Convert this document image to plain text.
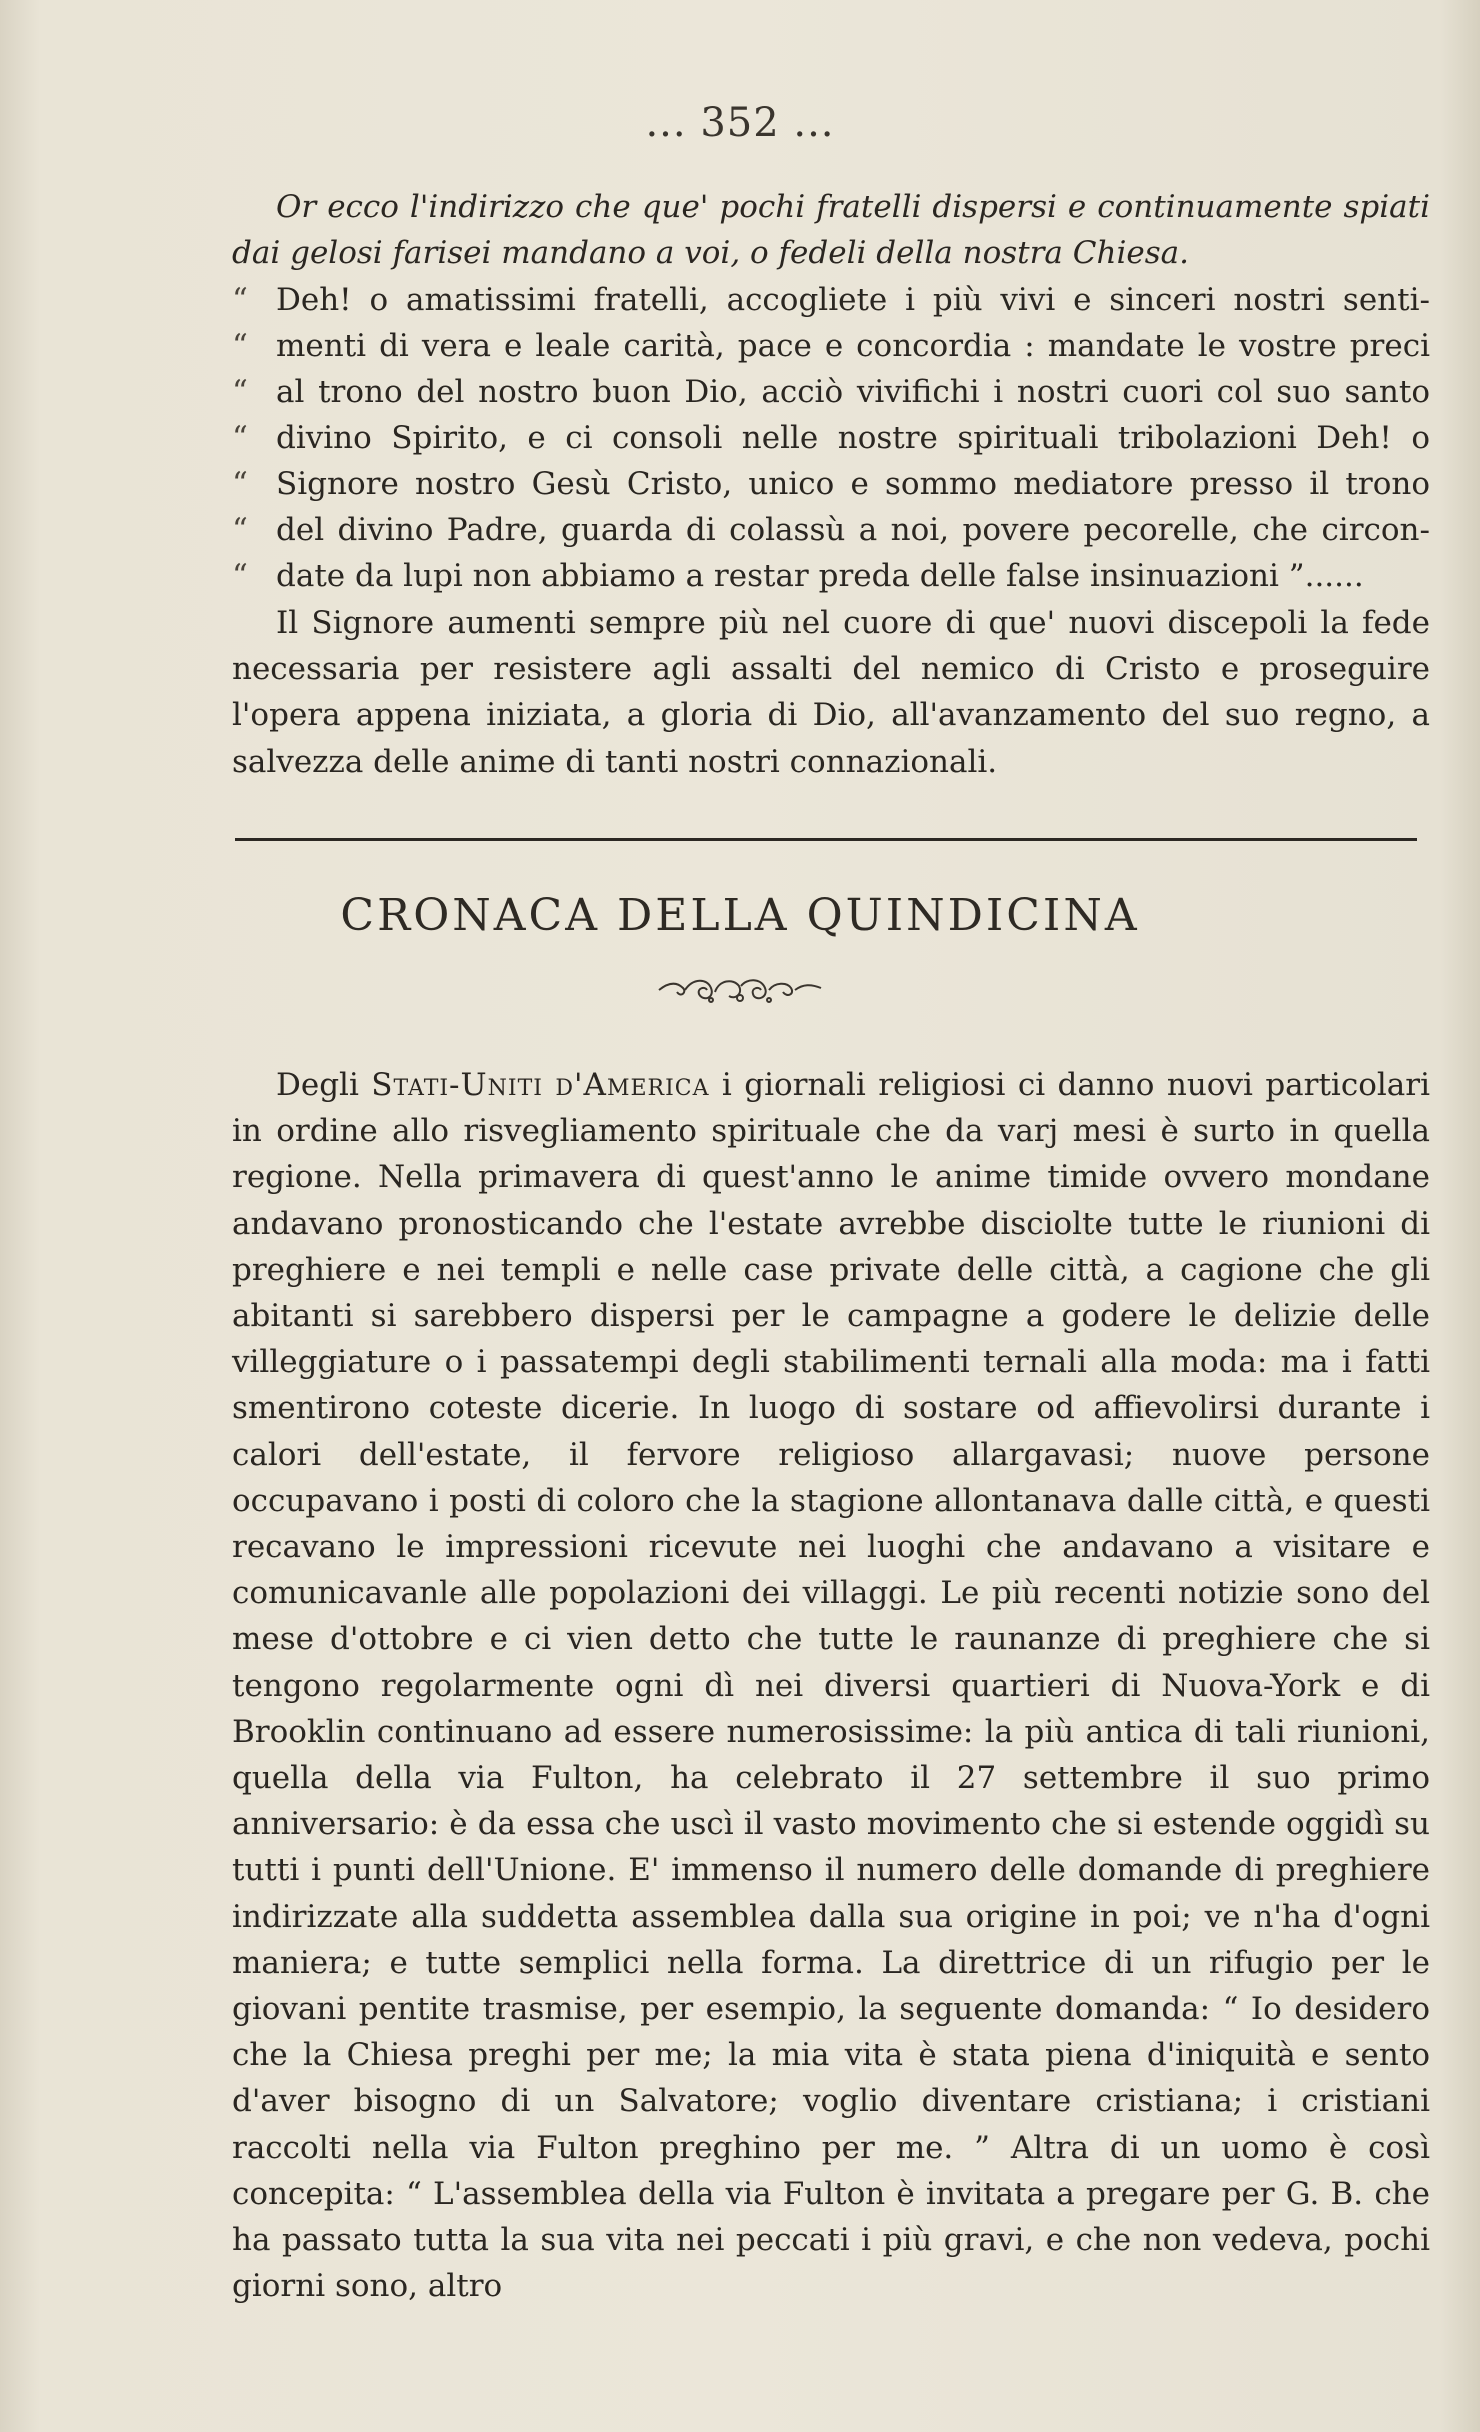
... 352 ...

Or ecco l'indirizzo che que' pochi fratelli dispersi e continuamente spiati dai gelosi farisei mandano a voi, o fedeli della nostra Chiesa.

“ Deh! o amatissimi fratelli, accogliete i più vivi e sinceri nostri senti-
“ menti di vera e leale carità, pace e concordia : mandate le vostre preci
“ al trono del nostro buon Dio, acciò vivifichi i nostri cuori col suo santo
“ divino Spirito, e ci consoli nelle nostre spirituali tribolazioni Deh! o
“ Signore nostro Gesù Cristo, unico e sommo mediatore presso il trono
“ del divino Padre, guarda di colassù a noi, povere pecorelle, che circon-
“ date da lupi non abbiamo a restar preda delle false insinuazioni ”......

Il Signore aumenti sempre più nel cuore di que' nuovi discepoli la fede necessaria per resistere agli assalti del nemico di Cristo e proseguire l'opera appena iniziata, a gloria di Dio, all'avanzamento del suo regno, a salvezza delle anime di tanti nostri connazionali.

CRONACA DELLA QUINDICINA

Degli Stati-Uniti d'America i giornali religiosi ci danno nuovi particolari in ordine allo risvegliamento spirituale che da varj mesi è surto in quella regione. Nella primavera di quest'anno le anime timide ovvero mondane andavano pronosticando che l'estate avrebbe disciolte tutte le riunioni di preghiere e nei templi e nelle case private delle città, a cagione che gli abitanti si sarebbero dispersi per le campagne a godere le delizie delle villeggiature o i passatempi degli stabilimenti ternali alla moda: ma i fatti smentirono coteste dicerie. In luogo di sostare od affievolirsi durante i calori dell'estate, il fervore religioso allargavasi; nuove persone occupavano i posti di coloro che la stagione allontanava dalle città, e questi recavano le impressioni ricevute nei luoghi che andavano a visitare e comunicavanle alle popolazioni dei villaggi. Le più recenti notizie sono del mese d'ottobre e ci vien detto che tutte le raunanze di preghiere che si tengono regolarmente ogni dì nei diversi quartieri di Nuova-York e di Brooklin continuano ad essere numerosissime: la più antica di tali riunioni, quella della via Fulton, ha celebrato il 27 settembre il suo primo anniversario: è da essa che uscì il vasto movimento che si estende oggidì su tutti i punti dell'Unione. E' immenso il numero delle domande di preghiere indirizzate alla suddetta assemblea dalla sua origine in poi; ve n'ha d'ogni maniera; e tutte semplici nella forma. La direttrice di un rifugio per le giovani pentite trasmise, per esempio, la seguente domanda: “ Io desidero che la Chiesa preghi per me; la mia vita è stata piena d'iniquità e sento d'aver bisogno di un Salvatore; voglio diventare cristiana; i cristiani raccolti nella via Fulton preghino per me. ” Altra di un uomo è così concepita: “ L'assemblea della via Fulton è invitata a pregare per G. B. che ha passato tutta la sua vita nei peccati i più gravi, e che non vedeva, pochi giorni sono, altro
